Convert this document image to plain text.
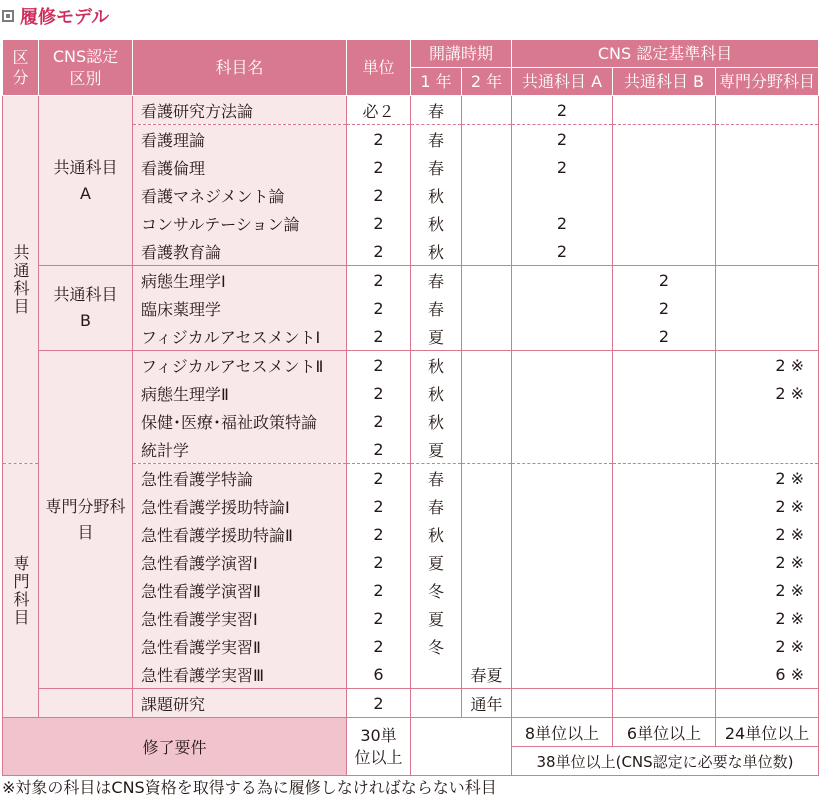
履修モデル
区分	CNS認定区別	科目名	単位	開講時期		CNS 認定基準科目		
				1 年	2 年	共通科目 A	共通科目 B	専門分野科目
共通科目	共通科目A	看護研究方法論	必２	春		2		
		看護理論	2	春		2		
		看護倫理	2	春		2		
		看護マネジメント論	2	秋				
		コンサルテーション論	2	秋		2		
		看護教育論	2	秋		2		
	共通科目B	病態生理学Ⅰ	2	春			2	
		臨床薬理学	2	春			2	
		フィジカルアセスメントⅠ	2	夏			2	
	専門分野科目	フィジカルアセスメントⅡ	2	秋				2 ※
		病態生理学Ⅱ	2	秋				2 ※
		保健･医療･福祉政策特論	2	秋				
		統計学	2	夏				
専門科目		急性看護学特論	2	春				2 ※
		急性看護学援助特論Ⅰ	2	春				2 ※
		急性看護学援助特論Ⅱ	2	秋				2 ※
		急性看護学演習Ⅰ	2	夏				2 ※
		急性看護学演習Ⅱ	2	冬				2 ※
		急性看護学実習Ⅰ	2	夏				2 ※
		急性看護学実習Ⅱ	2	冬				2 ※
		急性看護学実習Ⅲ	6		春夏			6 ※
		課題研究	2		通年			
修了要件			30単位以上			8単位以上	6単位以上	24単位以上
						38単位以上(CNS認定に必要な単位数)		
※対象の科目はCNS資格を取得する為に履修しなければならない科目
